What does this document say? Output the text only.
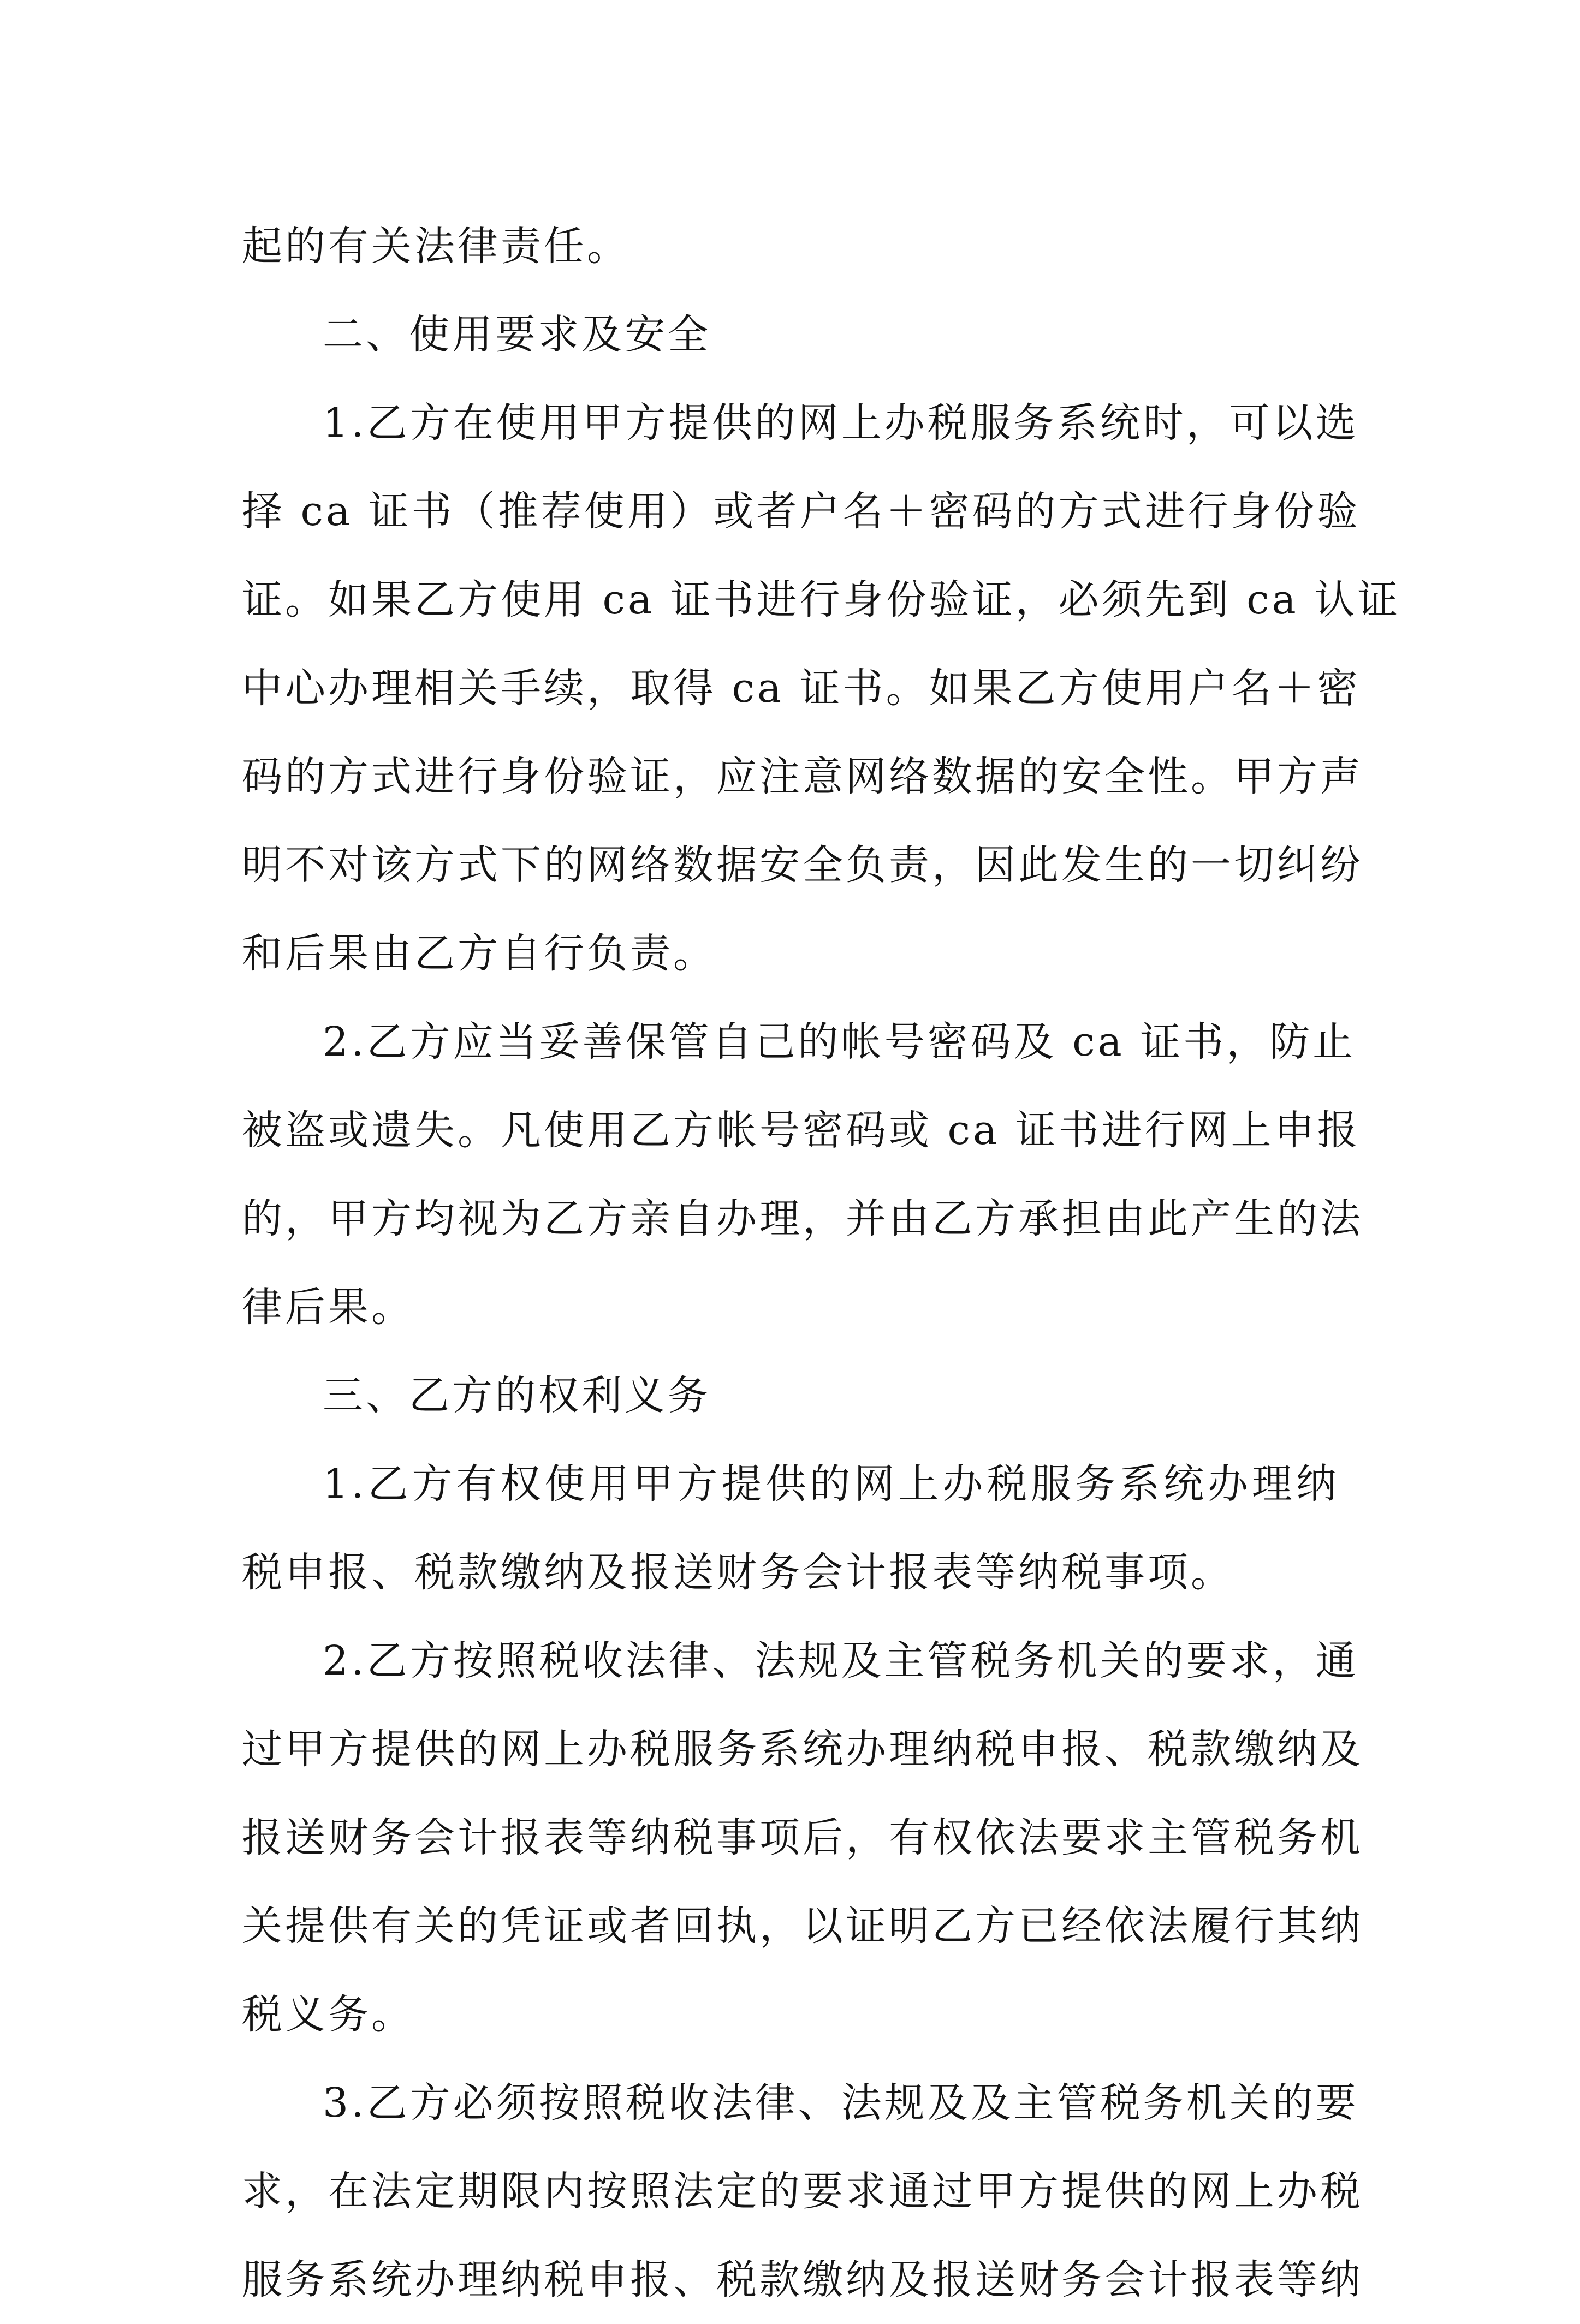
起的有关法律责任。
二、使用要求及安全
1.乙方在使用甲方提供的网上办税服务系统时，可以选
择 ca 证书（推荐使用）或者户名＋密码的方式进行身份验
证。如果乙方使用 ca 证书进行身份验证，必须先到 ca 认证
中心办理相关手续，取得 ca 证书。如果乙方使用户名＋密
码的方式进行身份验证，应注意网络数据的安全性。甲方声
明不对该方式下的网络数据安全负责，因此发生的一切纠纷
和后果由乙方自行负责。
2.乙方应当妥善保管自己的帐号密码及 ca 证书，防止
被盗或遗失。凡使用乙方帐号密码或 ca 证书进行网上申报
的，甲方均视为乙方亲自办理，并由乙方承担由此产生的法
律后果。
三、乙方的权利义务
1.乙方有权使用甲方提供的网上办税服务系统办理纳
税申报、税款缴纳及报送财务会计报表等纳税事项。
2.乙方按照税收法律、法规及主管税务机关的要求，通
过甲方提供的网上办税服务系统办理纳税申报、税款缴纳及
报送财务会计报表等纳税事项后，有权依法要求主管税务机
关提供有关的凭证或者回执，以证明乙方已经依法履行其纳
税义务。
3.乙方必须按照税收法律、法规及及主管税务机关的要
求，在法定期限内按照法定的要求通过甲方提供的网上办税
服务系统办理纳税申报、税款缴纳及报送财务会计报表等纳
